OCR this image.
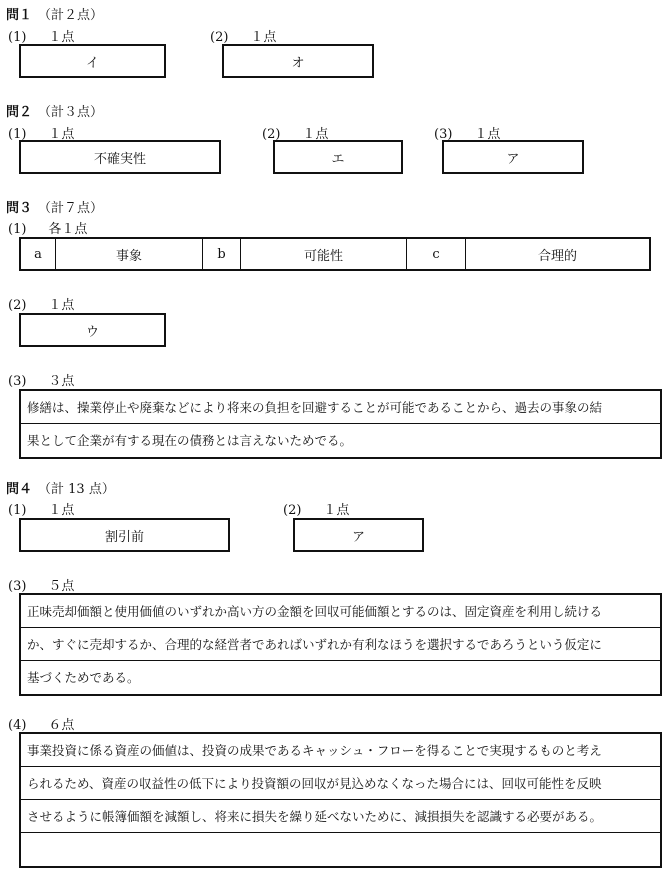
問１ （計２点）
(1) １点	(2) １点
イ	オ
問２ （計３点）
(1) １点	(2) １点	(3) １点
不確実性	エ	ア
問３ （計７点）
(1) 各１点
a	事象	b	可能性	c	合理的
(2) １点
ウ
(3) ３点
修繕は、操業停止や廃棄などにより将来の負担を回避することが可能であることから、過去の事象の結
果として企業が有する現在の債務とは言えないためでる。
問４ （計 13 点）
(1) １点	(2) １点
割引前	ア
(3) ５点
正味売却価額と使用価値のいずれか高い方の金額を回収可能価額とするのは、固定資産を利用し続ける
か、すぐに売却するか、合理的な経営者であればいずれか有利なほうを選択するであろうという仮定に
基づくためである。
(4) ６点
事業投資に係る資産の価値は、投資の成果であるキャッシュ・フローを得ることで実現するものと考え
られるため、資産の収益性の低下により投資額の回収が見込めなくなった場合には、回収可能性を反映
させるように帳簿価額を減額し、将来に損失を繰り延べないために、減損損失を認識する必要がある。
